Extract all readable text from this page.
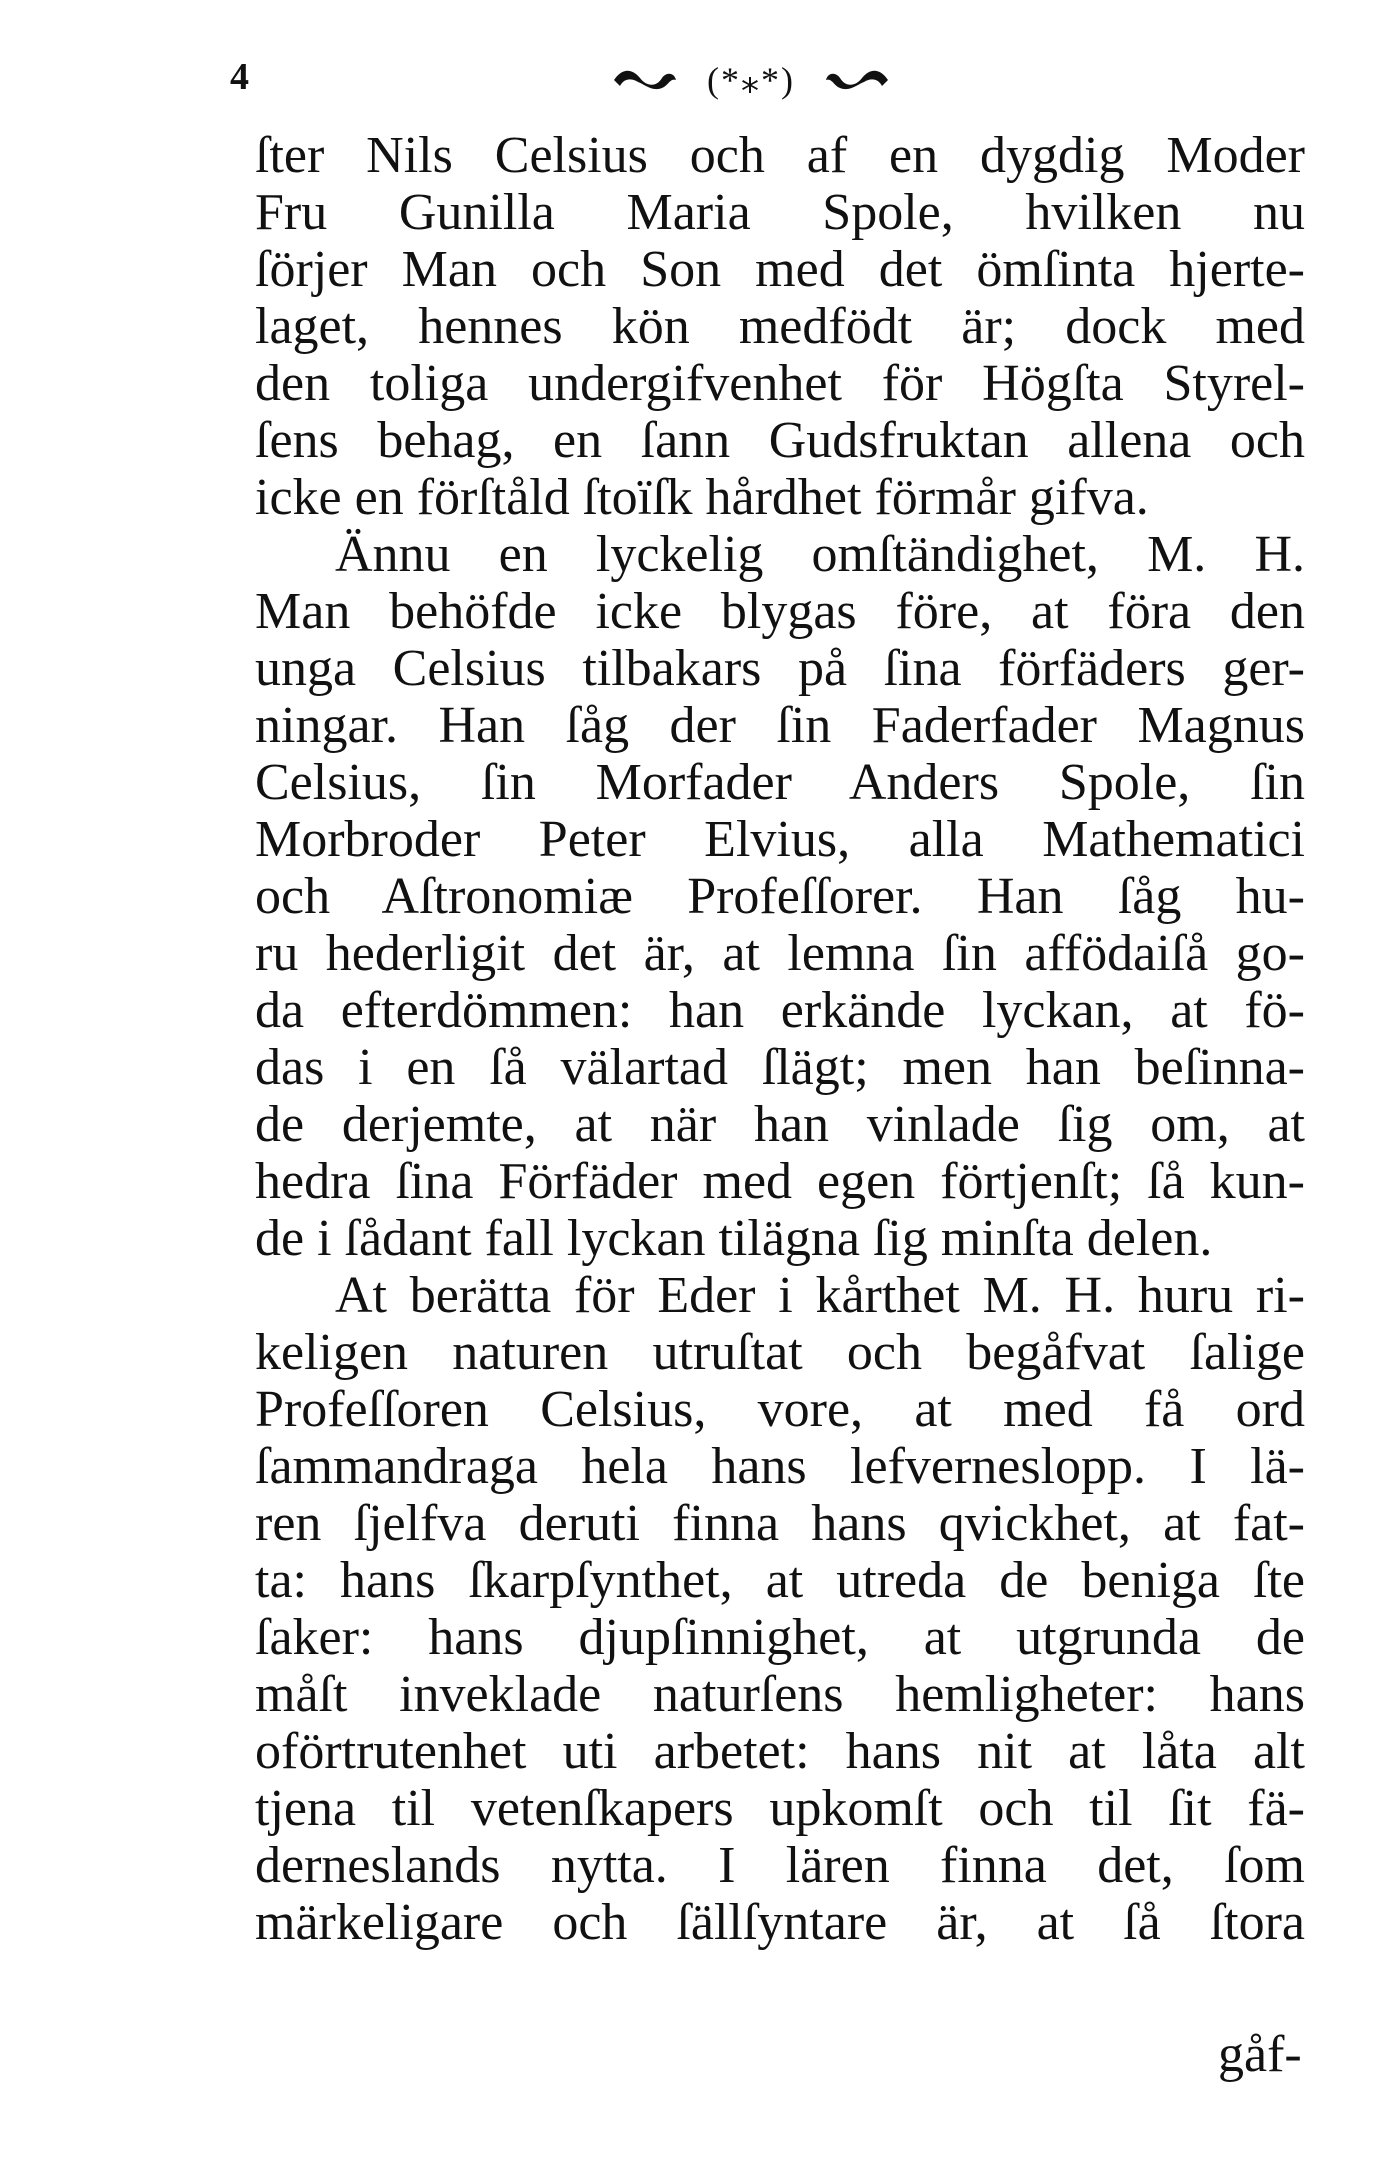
4	(*⁎*)
ſter Nils Celsius och af en dygdig Moder
Fru Gunilla Maria Spole, hvilken nu
ſörjer Man och Son med det ömſinta hjerte-
laget, hennes kön medfödt är; dock med
den toliga undergifvenhet för Högſta Styrel-
ſens behag, en ſann Gudsfruktan allena och
icke en förſtåld ſtoïſk hårdhet förmår gifva.
Ännu en lyckelig omſtändighet, M. H.
Man behöfde icke blygas före, at föra den
unga Celsius tilbakars på ſina förfäders ger-
ningar. Han ſåg der ſin Faderfader Magnus
Celsius, ſin Morfader Anders Spole, ſin
Morbroder Peter Elvius, alla Mathematici
och Aſtronomiæ Profeſſorer. Han ſåg hu-
ru hederligit det är, at lemna ſin affödaiſå go-
da efterdömmen: han erkände lyckan, at fö-
das i en ſå välartad ſlägt; men han beſinna-
de derjemte, at när han vinlade ſig om, at
hedra ſina Förfäder med egen förtjenſt; ſå kun-
de i ſådant fall lyckan tilägna ſig minſta delen.
At berätta för Eder i kårthet M. H. huru ri-
keligen naturen utruſtat och begåfvat ſalige
Profeſſoren Celsius, vore, at med få ord
ſammandraga hela hans lefverneslopp. I lä-
ren ſjelfva deruti finna hans qvickhet, at fat-
ta: hans ſkarpſynthet, at utreda de beniga ſte
ſaker: hans djupſinnighet, at utgrunda de
måſt inveklade naturſens hemligheter: hans
oförtrutenhet uti arbetet: hans nit at låta alt
tjena til vetenſkapers upkomſt och til ſit fä-
derneslands nytta. I lären finna det, ſom
märkeligare och ſällſyntare är, at ſå ſtora
gåf-
